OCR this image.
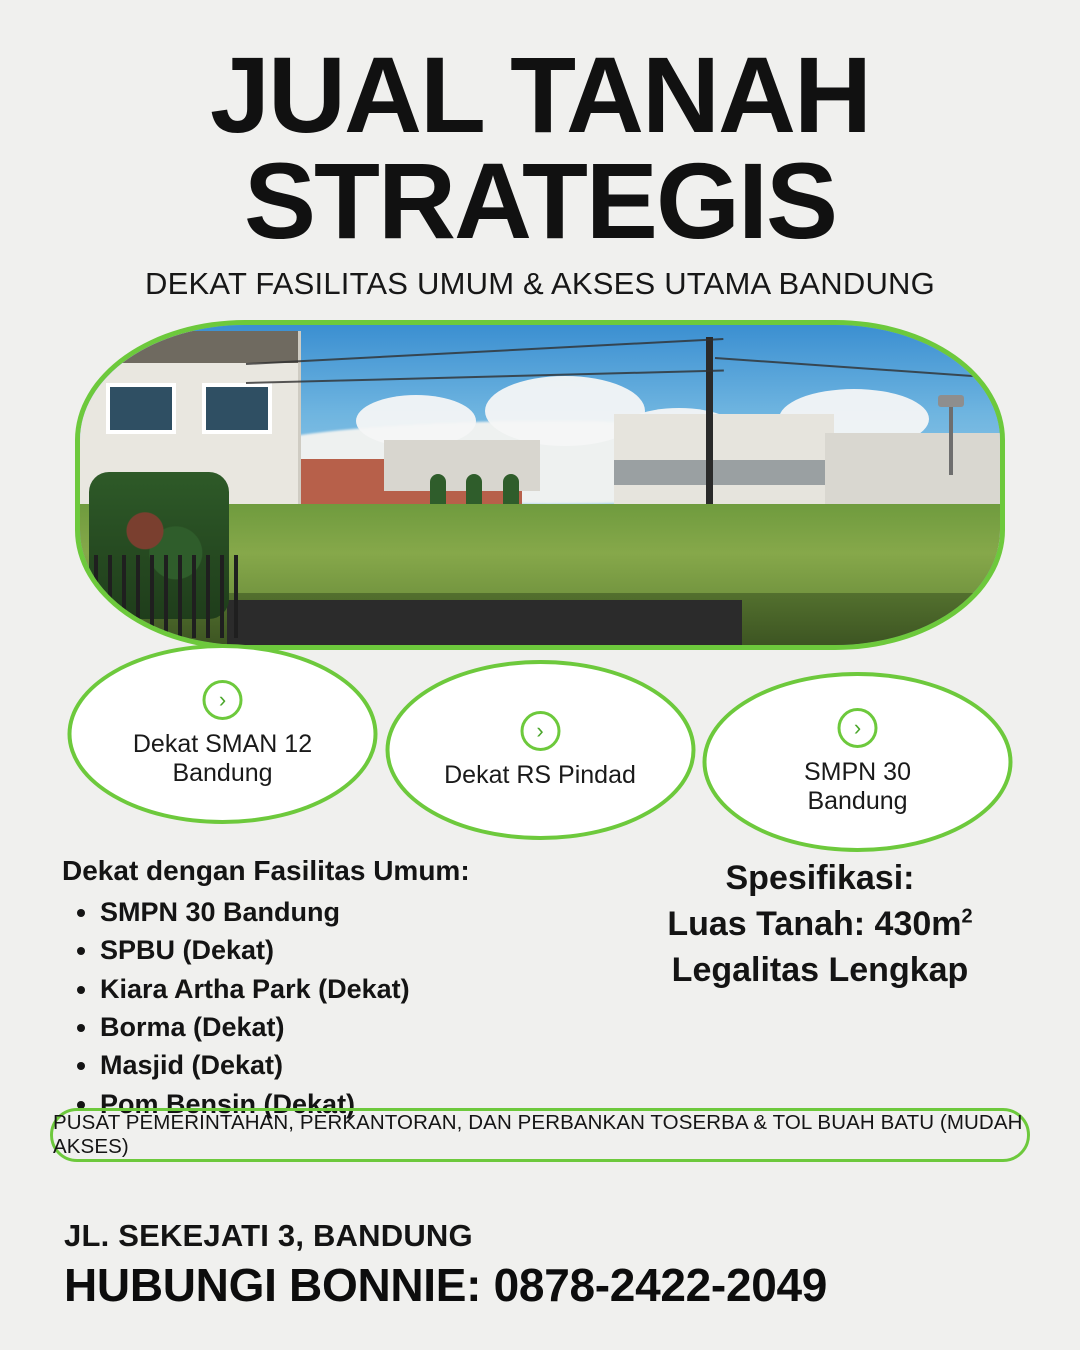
JUAL TANAH
STRATEGIS
DEKAT FASILITAS UMUM & AKSES UTAMA BANDUNG
›
Dekat SMAN 12 Bandung
›
Dekat RS Pindad
›
SMPN 30 Bandung
Dekat dengan Fasilitas Umum:
• SMPN 30 Bandung
• SPBU (Dekat)
• Kiara Artha Park (Dekat)
• Borma (Dekat)
• Masjid (Dekat)
• Pom Bensin (Dekat)
Spesifikasi:
Luas Tanah: $430m^2$
Legalitas Lengkap
PUSAT PEMERINTAHAN, PERKANTORAN, DAN PERBANKAN TOSERBA & TOL BUAH BATU (MUDAH AKSES)
JL. SEKEJATI 3, BANDUNG
HUBUNGI BONNIE: 0878-2422-2049
